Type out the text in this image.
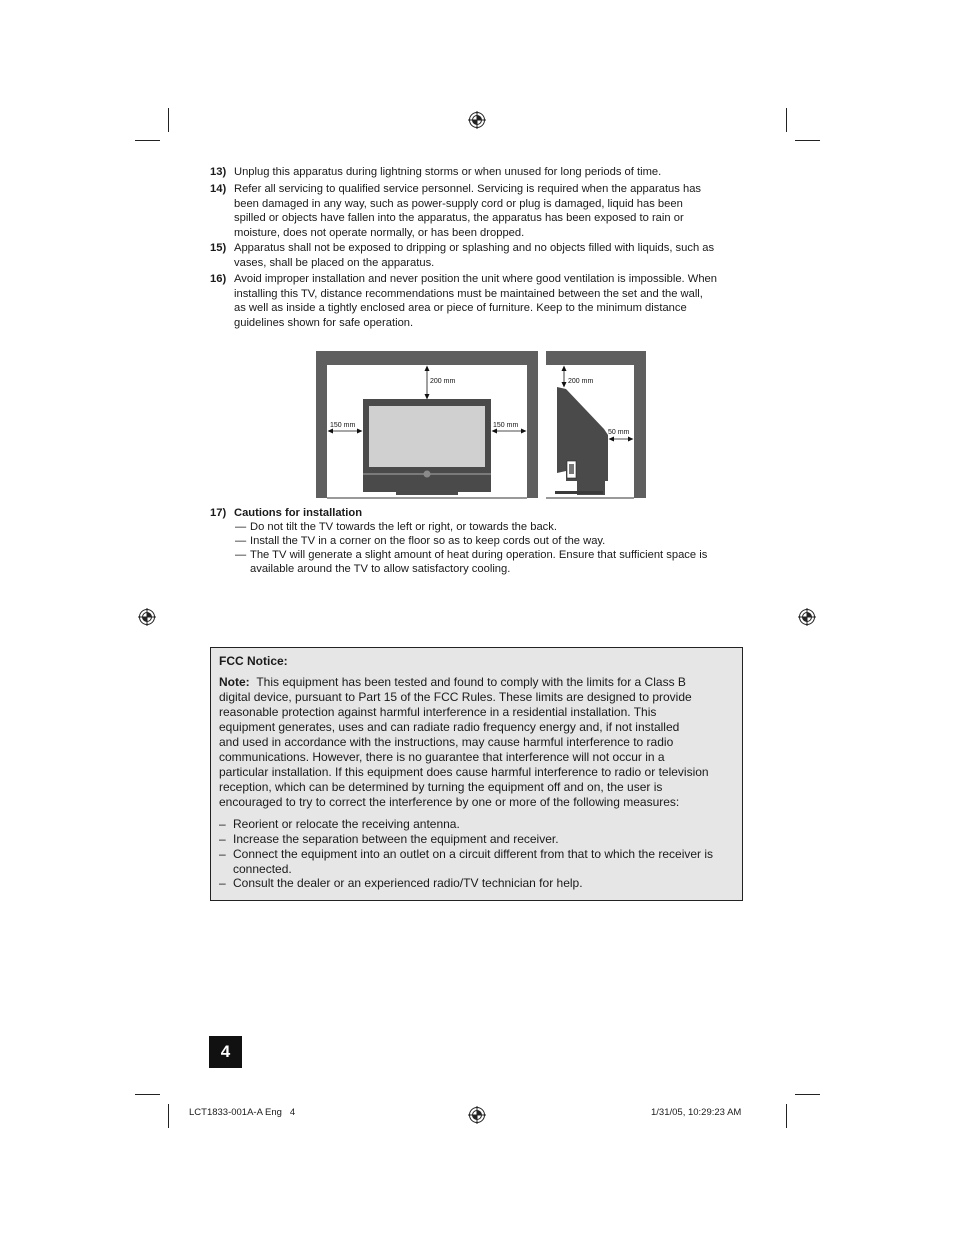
13) Unplug this apparatus during lightning storms or when unused for long periods of time.
14) Refer all servicing to qualified service personnel. Servicing is required when the apparatus has
been damaged in any way, such as power-supply cord or plug is damaged, liquid has been
spilled or objects have fallen into the apparatus, the apparatus has been exposed to rain or
moisture, does not operate normally, or has been dropped.
15) Apparatus shall not be exposed to dripping or splashing and no objects filled with liquids, such as
vases, shall be placed on the apparatus.
16) Avoid improper installation and never position the unit where good ventilation is impossible. When
installing this TV, distance recommendations must be maintained between the set and the wall,
as well as inside a tightly enclosed area or piece of furniture. Keep to the minimum distance
guidelines shown for safe operation.
200 mm
150 mm	150 mm
200 mm
50 mm
17) Cautions for installation
— Do not tilt the TV towards the left or right, or towards the back.
— Install the TV in a corner on the floor so as to keep cords out of the way.
— The TV will generate a slight amount of heat during operation. Ensure that sufficient space is
available around the TV to allow satisfactory cooling.
FCC Notice:
Note: This equipment has been tested and found to comply with the limits for a Class B
digital device, pursuant to Part 15 of the FCC Rules. These limits are designed to provide
reasonable protection against harmful interference in a residential installation. This
equipment generates, uses and can radiate radio frequency energy and, if not installed
and used in accordance with the instructions, may cause harmful interference to radio
communications. However, there is no guarantee that interference will not occur in a
particular installation. If this equipment does cause harmful interference to radio or television
reception, which can be determined by turning the equipment off and on, the user is
encouraged to try to correct the interference by one or more of the following measures:
– Reorient or relocate the receiving antenna.
– Increase the separation between the equipment and receiver.
– Connect the equipment into an outlet on a circuit different from that to which the receiver is
connected.
– Consult the dealer or an experienced radio/TV technician for help.
4
LCT1833-001A-A Eng   4	1/31/05, 10:29:23 AM
